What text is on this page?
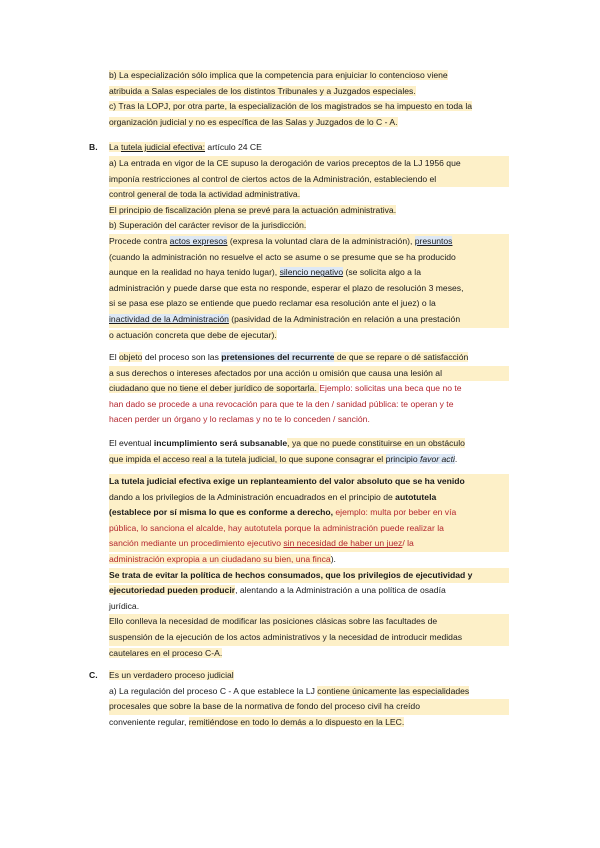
b) La especialización sólo implica que la competencia para enjuiciar lo contencioso viene

atribuida a Salas especiales de los distintos Tribunales y a Juzgados especiales.

c) Tras la LOPJ, por otra parte, la especialización de los magistrados se ha impuesto en toda la

organización judicial y no es específica de las Salas y Juzgados de lo C - A.

B. La tutela judicial efectiva: artículo 24 CE

a) La entrada en vigor de la CE supuso la derogación de varios preceptos de la LJ 1956 que

imponía restricciones al control de ciertos actos de la Administración, estableciendo el

control general de toda la actividad administrativa.

El principio de fiscalización plena se prevé para la actuación administrativa.

b) Superación del carácter revisor de la jurisdicción.

Procede contra actos expresos (expresa la voluntad clara de la administración), presuntos

(cuando la administración no resuelve el acto se asume o se presume que se ha producido

aunque en la realidad no haya tenido lugar), silencio negativo (se solicita algo a la

administración y puede darse que esta no responde, esperar el plazo de resolución 3 meses,

si se pasa ese plazo se entiende que puedo reclamar esa resolución ante el juez) o la

inactividad de la Administración (pasividad de la Administración en relación a una prestación

o actuación concreta que debe de ejecutar).

El objeto del proceso son las pretensiones del recurrente de que se repare o dé satisfacción

a sus derechos o intereses afectados por una acción u omisión que causa una lesión al

ciudadano que no tiene el deber jurídico de soportarla. Ejemplo: solicitas una beca que no te

han dado se procede a una revocación para que te la den / sanidad pública: te operan y te

hacen perder un órgano y lo reclamas y no te lo conceden / sanción.

El eventual incumplimiento será subsanable, ya que no puede constituirse en un obstáculo

que impida el acceso real a la tutela judicial, lo que supone consagrar el principio favor acti.

La tutela judicial efectiva exige un replanteamiento del valor absoluto que se ha venido

dando a los privilegios de la Administración encuadrados en el principio de autotutela

(establece por sí misma lo que es conforme a derecho, ejemplo: multa por beber en vía

pública, lo sanciona el alcalde, hay autotutela porque la administración puede realizar la

sanción mediante un procedimiento ejecutivo sin necesidad de haber un juez/ la

administración expropia a un ciudadano su bien, una finca).

Se trata de evitar la política de hechos consumados, que los privilegios de ejecutividad y

ejecutoriedad pueden producir, alentando a la Administración a una política de osadía

jurídica.

Ello conlleva la necesidad de modificar las posiciones clásicas sobre las facultades de

suspensión de la ejecución de los actos administrativos y la necesidad de introducir medidas

cautelares en el proceso C-A.

C. Es un verdadero proceso judicial

a) La regulación del proceso C - A que establece la LJ contiene únicamente las especialidades

procesales que sobre la base de la normativa de fondo del proceso civil ha creído

conveniente regular, remitiéndose en todo lo demás a lo dispuesto en la LEC.
